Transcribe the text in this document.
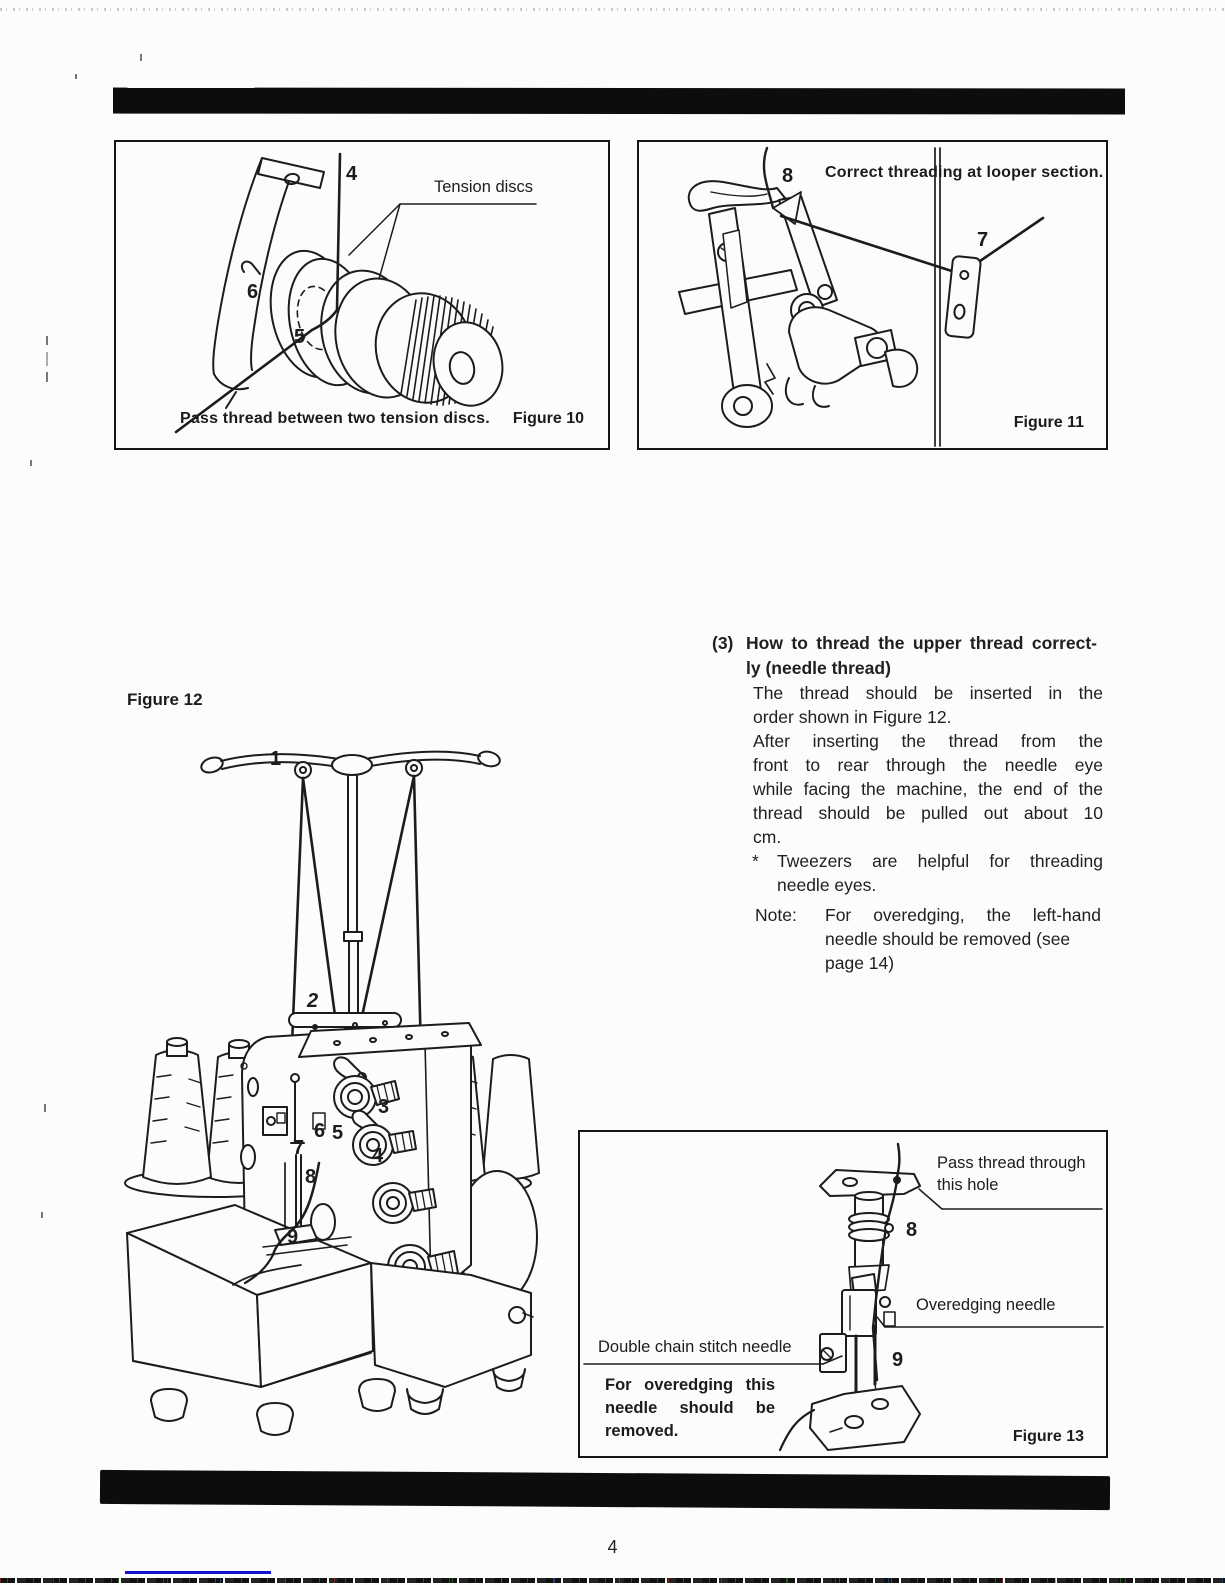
Tension discs
4
6
5
Pass thread between two tension discs. Figure 10
Correct threading at looper section.
8
7
Figure 11
Figure 12
1
2
3
6 5
7	4
8
9
(3) How to thread the upper thread correct-
ly (needle thread)
The thread should be inserted in the
order shown in Figure 12.
After inserting the thread from the
front to rear through the needle eye
while facing the machine, the end of the
thread should be pulled out about 10
cm.
*	Tweezers are helpful for threading
needle eyes.
Note:	For overedging, the left-hand
needle should be removed (see
page 14)
Pass thread through
this hole
8
Overedging needle
Double chain stitch needle
9
For overedging this
needle should be
removed.	Figure 13
4
